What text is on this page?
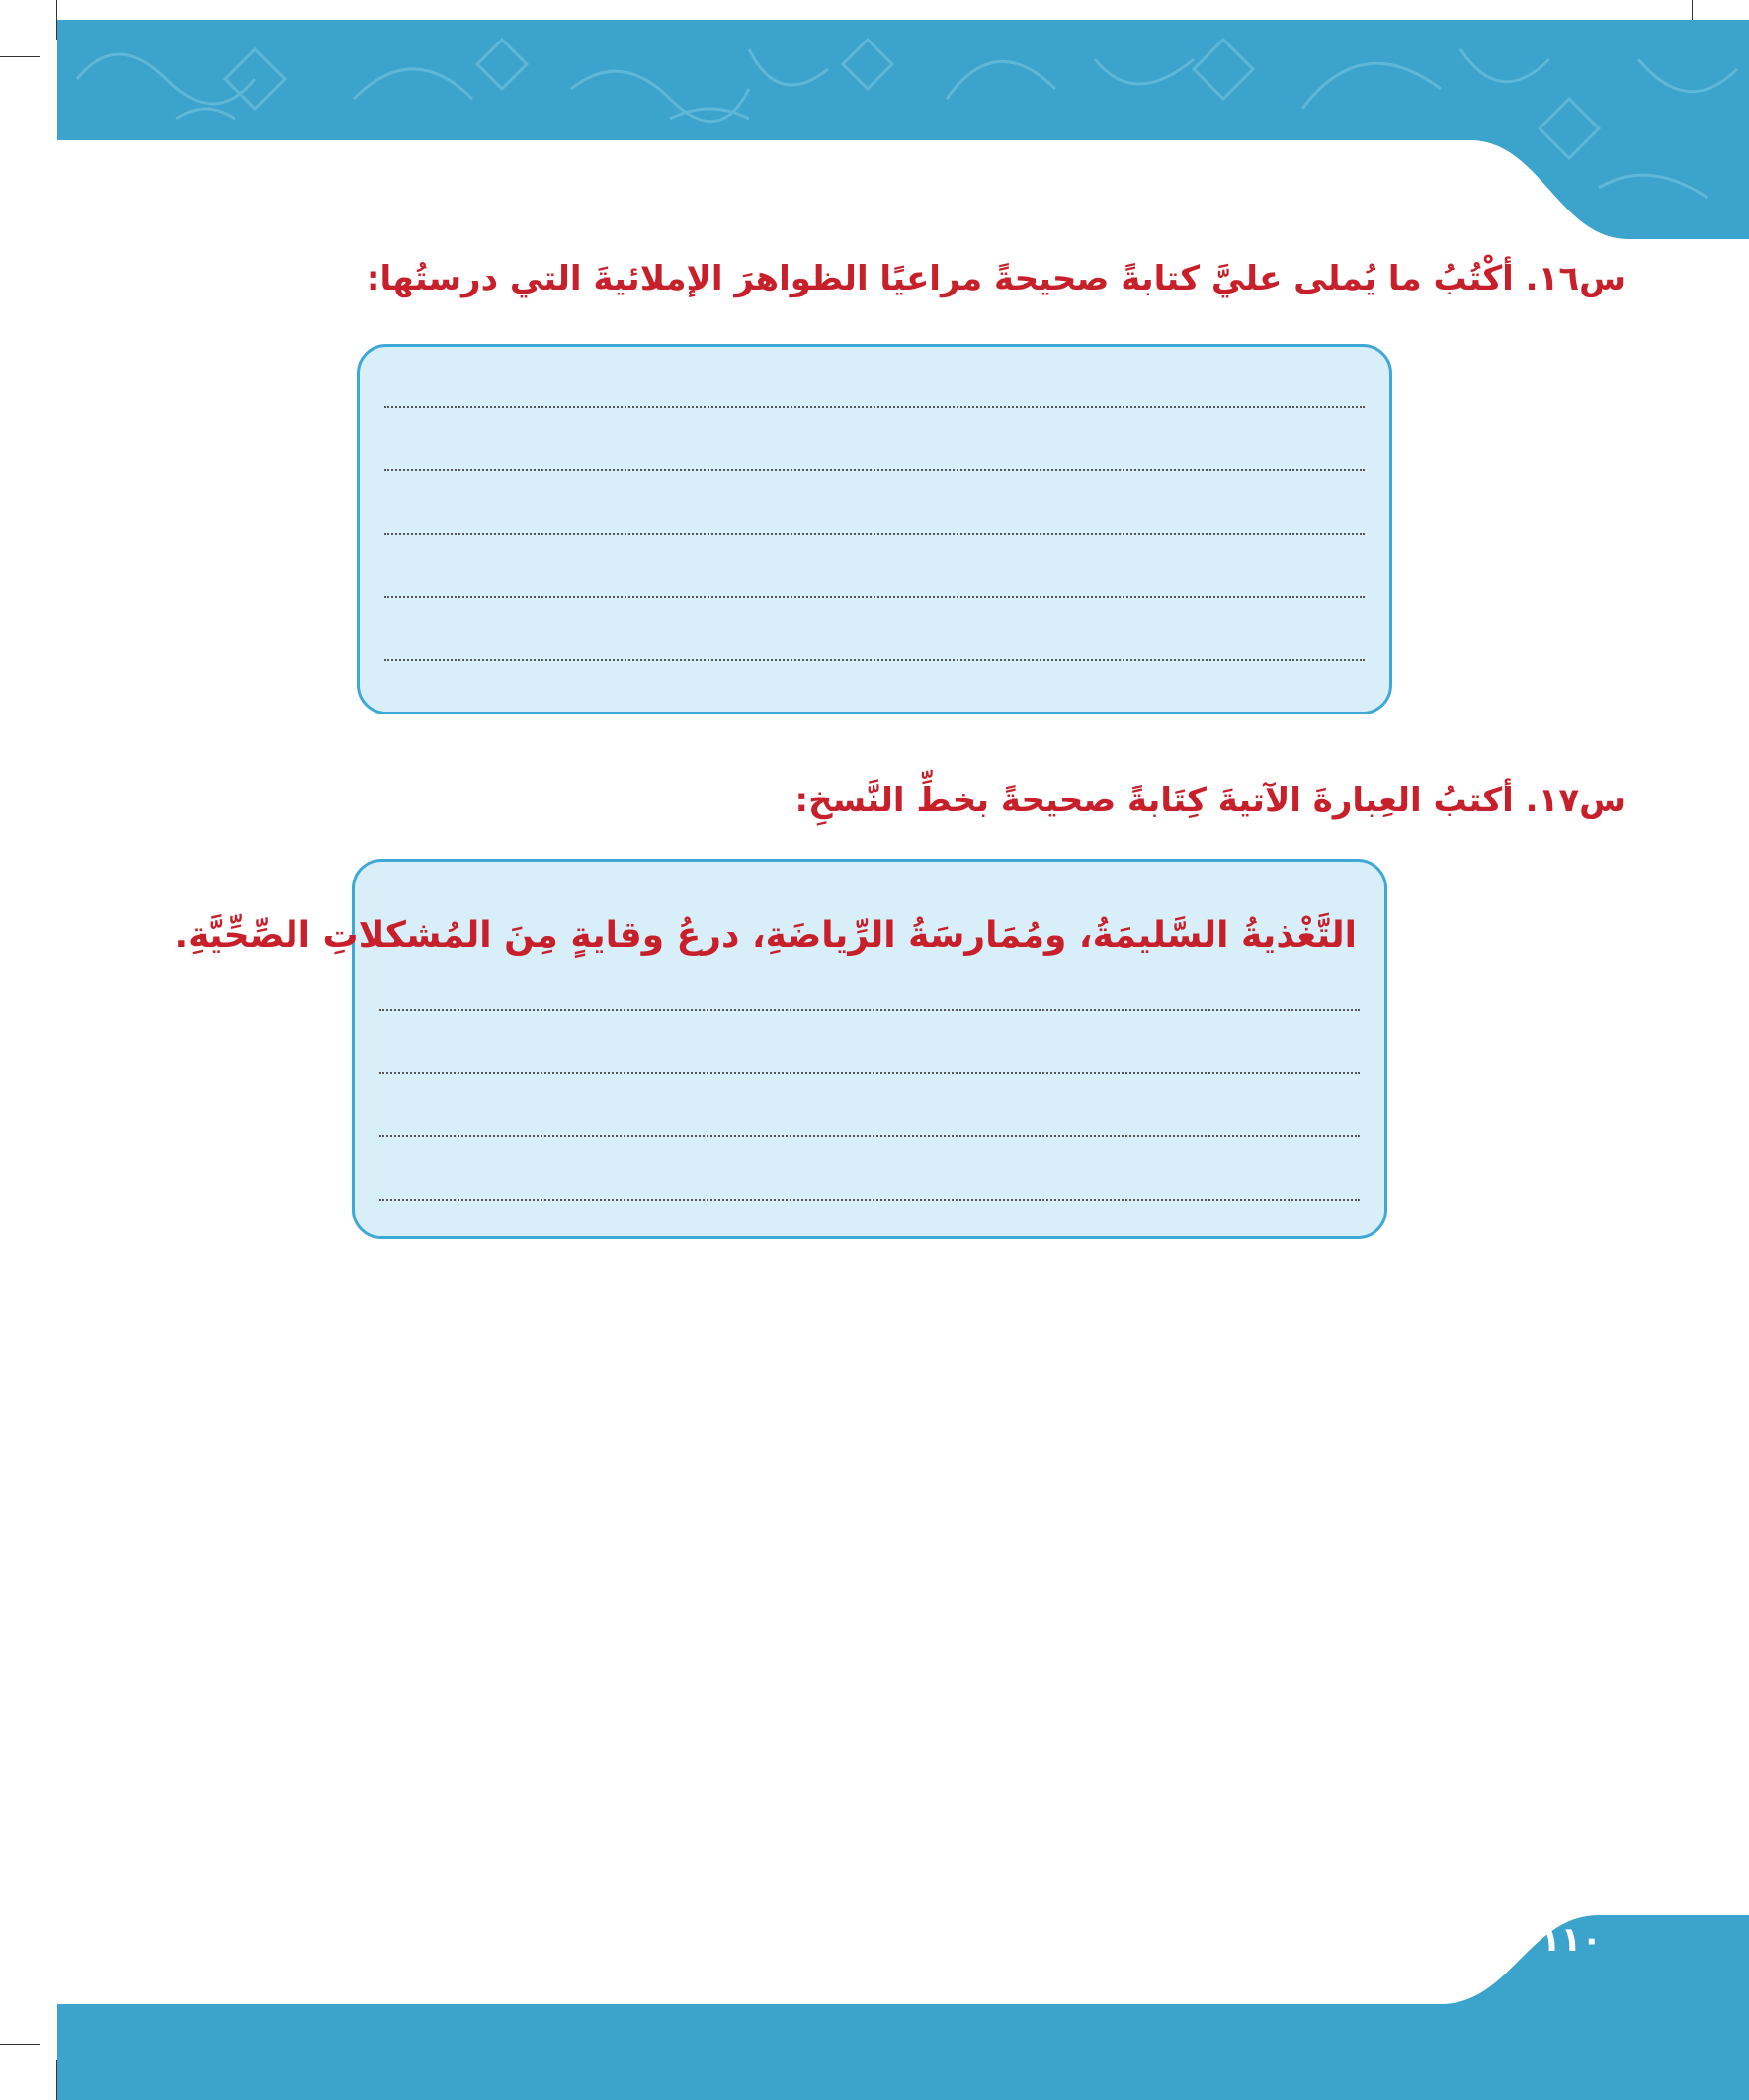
س١٦. أكْتُبُ ما يُملى عليَّ كتابةً صحيحةً مراعيًا الظواهرَ الإملائيةَ التي درستُها:
س١٧. أكتبُ العِبارةَ الآتيةَ كِتَابةً صحيحةً بخطِّ النَّسخِ:
التَّغْذيةُ السَّليمَةُ، ومُمَارسَةُ الرِّياضَةِ، درعُ وقايةٍ مِنَ المُشكلاتِ الصِّحِّيَّةِ.
١١٠
